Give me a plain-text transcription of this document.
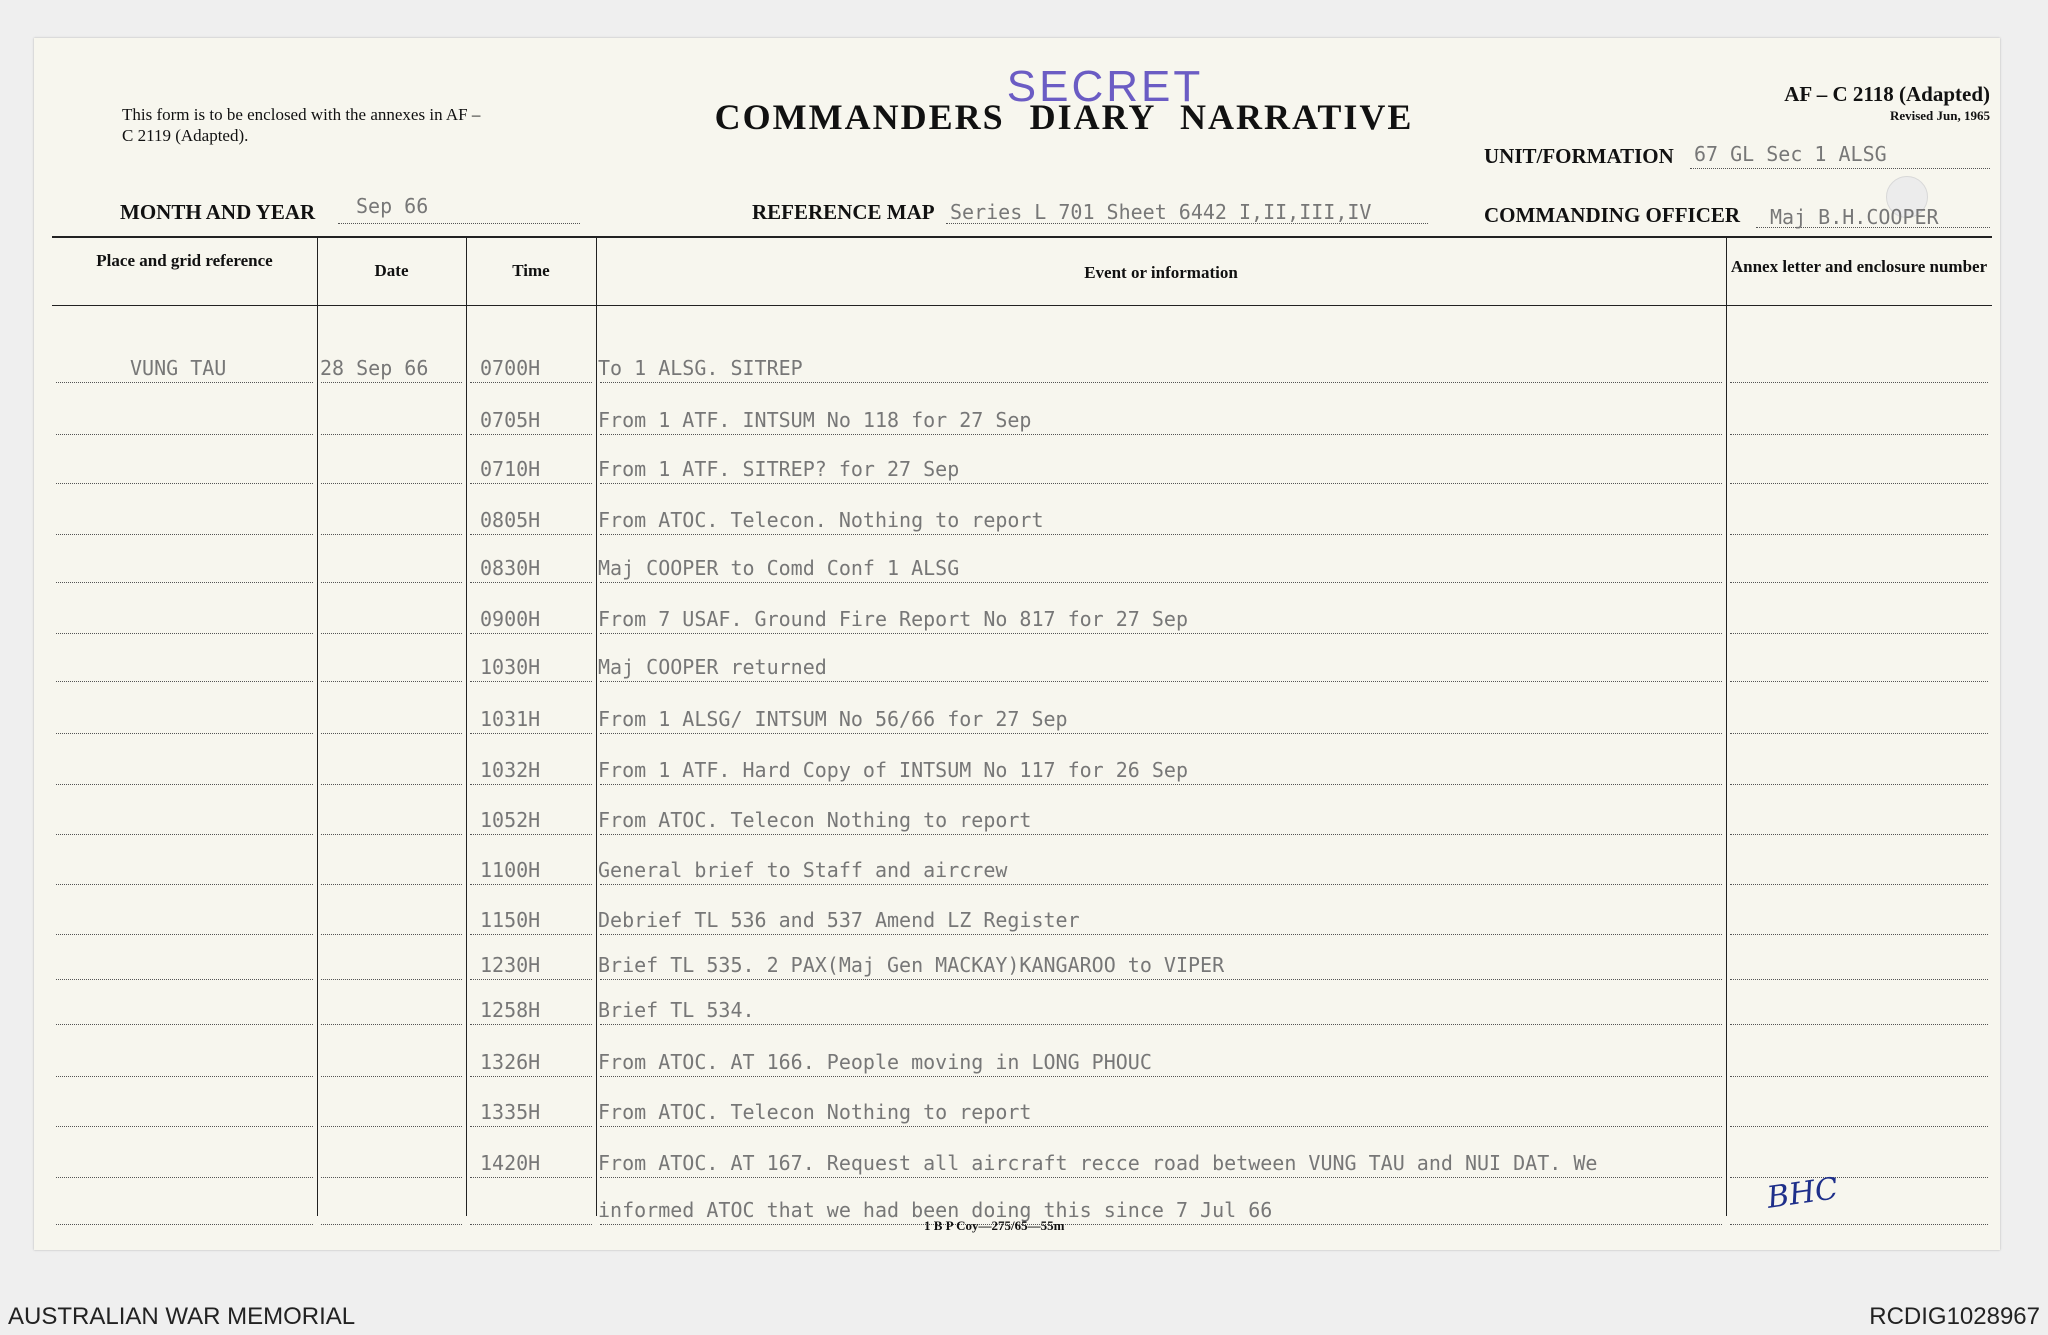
This form is to be enclosed with the annexes in AF – C 2119 (Adapted).
SECRET
COMMANDERS DIARY NARRATIVE
AF – C 2118 (Adapted)
Revised Jun, 1965
UNIT/FORMATION 67 GL Sec 1 ALSG
MONTH AND YEAR Sep 66	REFERENCE MAP Series L 701 Sheet 6442 I,II,III,IV	COMMANDING OFFICER Maj B.H.COOPER
Place and grid reference
Date	Time	Event or information	Annex letter and enclosure number
VUNG TAU	28 Sep 66	0700H	To 1 ALSG. SITREP
0705H	From 1 ATF. INTSUM No 118 for 27 Sep
0710H	From 1 ATF. SITREP? for 27 Sep
0805H	From ATOC. Telecon. Nothing to report
0830H	Maj COOPER to Comd Conf 1 ALSG
0900H	From 7 USAF. Ground Fire Report No 817 for 27 Sep
1030H	Maj COOPER returned
1031H	From 1 ALSG/ INTSUM No 56/66 for 27 Sep
1032H	From 1 ATF. Hard Copy of INTSUM No 117 for 26 Sep
1052H	From ATOC. Telecon Nothing to report
1100H	General brief to Staff and aircrew
1150H	Debrief TL 536 and 537 Amend LZ Register
1230H	Brief TL 535. 2 PAX(Maj Gen MACKAY)KANGAROO to VIPER
1258H	Brief TL 534.
1326H	From ATOC. AT 166. People moving in LONG PHOUC
1335H	From ATOC. Telecon Nothing to report
1420H	From ATOC. AT 167. Request all aircraft recce road between VUNG TAU and NUI DAT. We
informed ATOC that we had been doing this since 7 Jul 66	BHC
1 B P Coy—275/65—55m
AUSTRALIAN WAR MEMORIAL	RCDIG1028967
